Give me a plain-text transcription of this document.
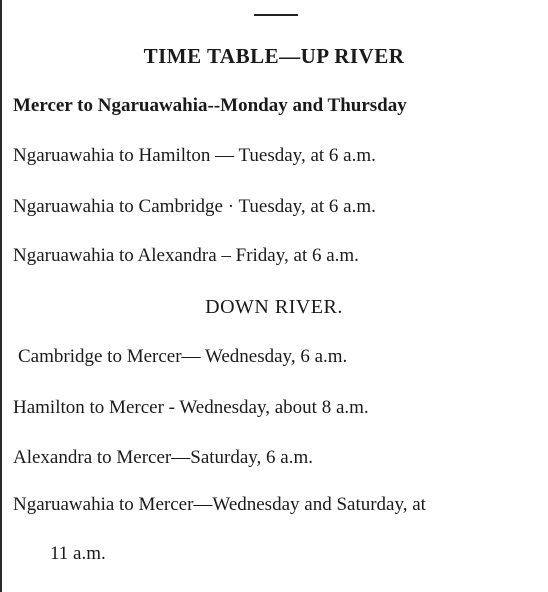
TIME TABLE—UP RIVER
Mercer to Ngaruawahia--Monday and Thursday
Ngaruawahia to Hamilton — Tuesday, at 6 a.m.
Ngaruawahia to Cambridge · Tuesday, at 6 a.m.
Ngaruawahia to Alexandra – Friday, at 6 a.m.
DOWN RIVER.
Cambridge to Mercer— Wednesday, 6 a.m.
Hamilton to Mercer - Wednesday, about 8 a.m.
Alexandra to Mercer—Saturday, 6 a.m.
Ngaruawahia to Mercer—Wednesday and Saturday, at
11 a.m.
